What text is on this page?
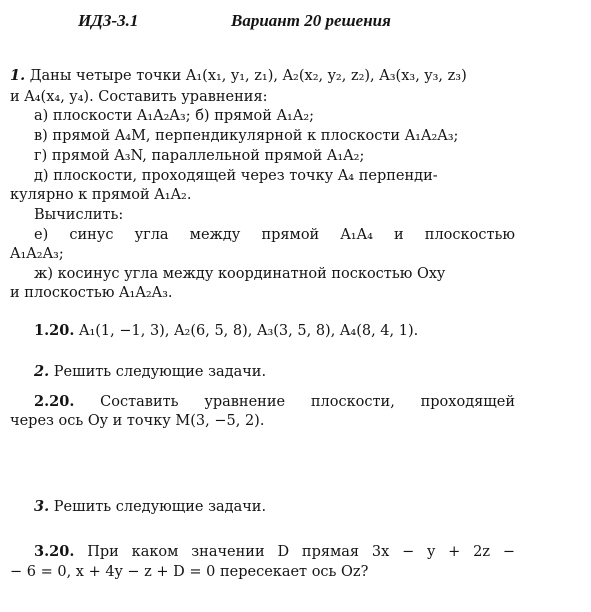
ИДЗ-3.1	Вариант 20 решения
1. Даны четыре точки A₁(x₁, y₁, z₁), A₂(x₂, y₂, z₂), A₃(x₃, y₃, z₃)
и A₄(x₄, y₄). Составить уравнения:
а) плоскости A₁A₂A₃; б) прямой A₁A₂;
в) прямой A₄M, перпендикулярной к плоскости A₁A₂A₃;
г) прямой A₃N, параллельной прямой A₁A₂;
д) плоскости, проходящей через точку A₄ перпенди-
кулярно к прямой A₁A₂.
Вычислить:
е) синус угла между прямой A₁A₄ и плоскостью
A₁A₂A₃;
ж) косинус угла между координатной поскостью Oxy
и плоскостью A₁A₂A₃.
1.20. A₁(1, −1, 3), A₂(6, 5, 8), A₃(3, 5, 8), A₄(8, 4, 1).
2. Решить следующие задачи.
2.20. Составить уравнение плоскости, проходящей
через ось Oy и точку M(3, −5, 2).
3. Решить следующие задачи.
3.20. При каком значении D прямая 3x − y + 2z −
− 6 = 0, x + 4y − z + D = 0 пересекает ось Oz?
